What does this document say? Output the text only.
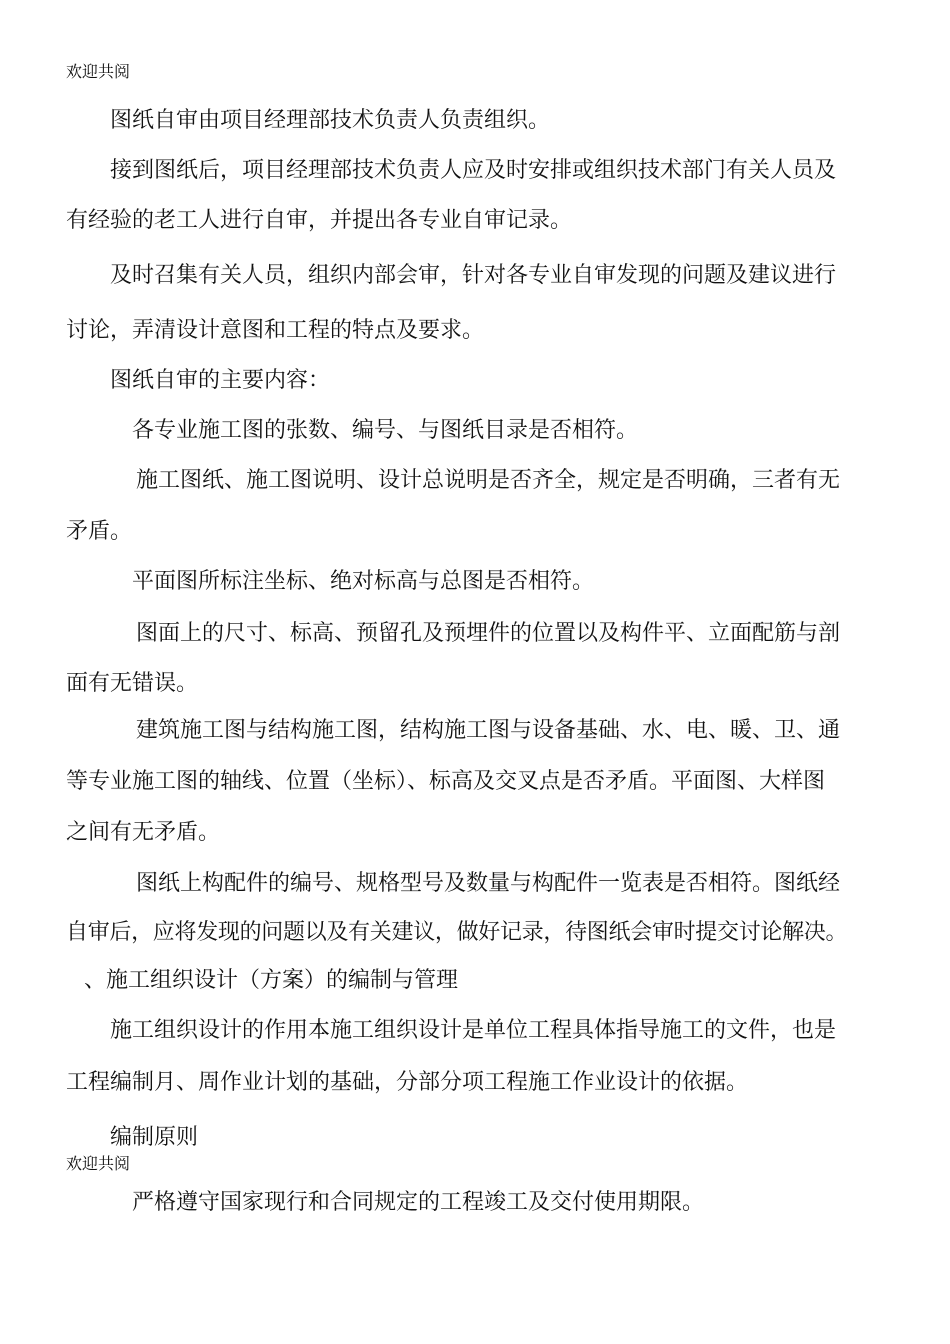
欢迎共阅
图纸自审由项目经理部技术负责人负责组织。
接到图纸后，项目经理部技术负责人应及时安排或组织技术部门有关人员及
有经验的老工人进行自审，并提出各专业自审记录。
及时召集有关人员，组织内部会审，针对各专业自审发现的问题及建议进行
讨论，弄清设计意图和工程的特点及要求。
图纸自审的主要内容：
各专业施工图的张数、编号、与图纸目录是否相符。
施工图纸、施工图说明、设计总说明是否齐全，规定是否明确，三者有无
矛盾。
平面图所标注坐标、绝对标高与总图是否相符。
图面上的尺寸、标高、预留孔及预埋件的位置以及构件平、立面配筋与剖
面有无错误。
建筑施工图与结构施工图，结构施工图与设备基础、水、电、暖、卫、通
等专业施工图的轴线、位置（坐标）、标高及交叉点是否矛盾。平面图、大样图
之间有无矛盾。
图纸上构配件的编号、规格型号及数量与构配件一览表是否相符。图纸经
自审后，应将发现的问题以及有关建议，做好记录，待图纸会审时提交讨论解决。
、施工组织设计（方案）的编制与管理
施工组织设计的作用本施工组织设计是单位工程具体指导施工的文件，也是
工程编制月、周作业计划的基础，分部分项工程施工作业设计的依据。
编制原则
欢迎共阅
严格遵守国家现行和合同规定的工程竣工及交付使用期限。
